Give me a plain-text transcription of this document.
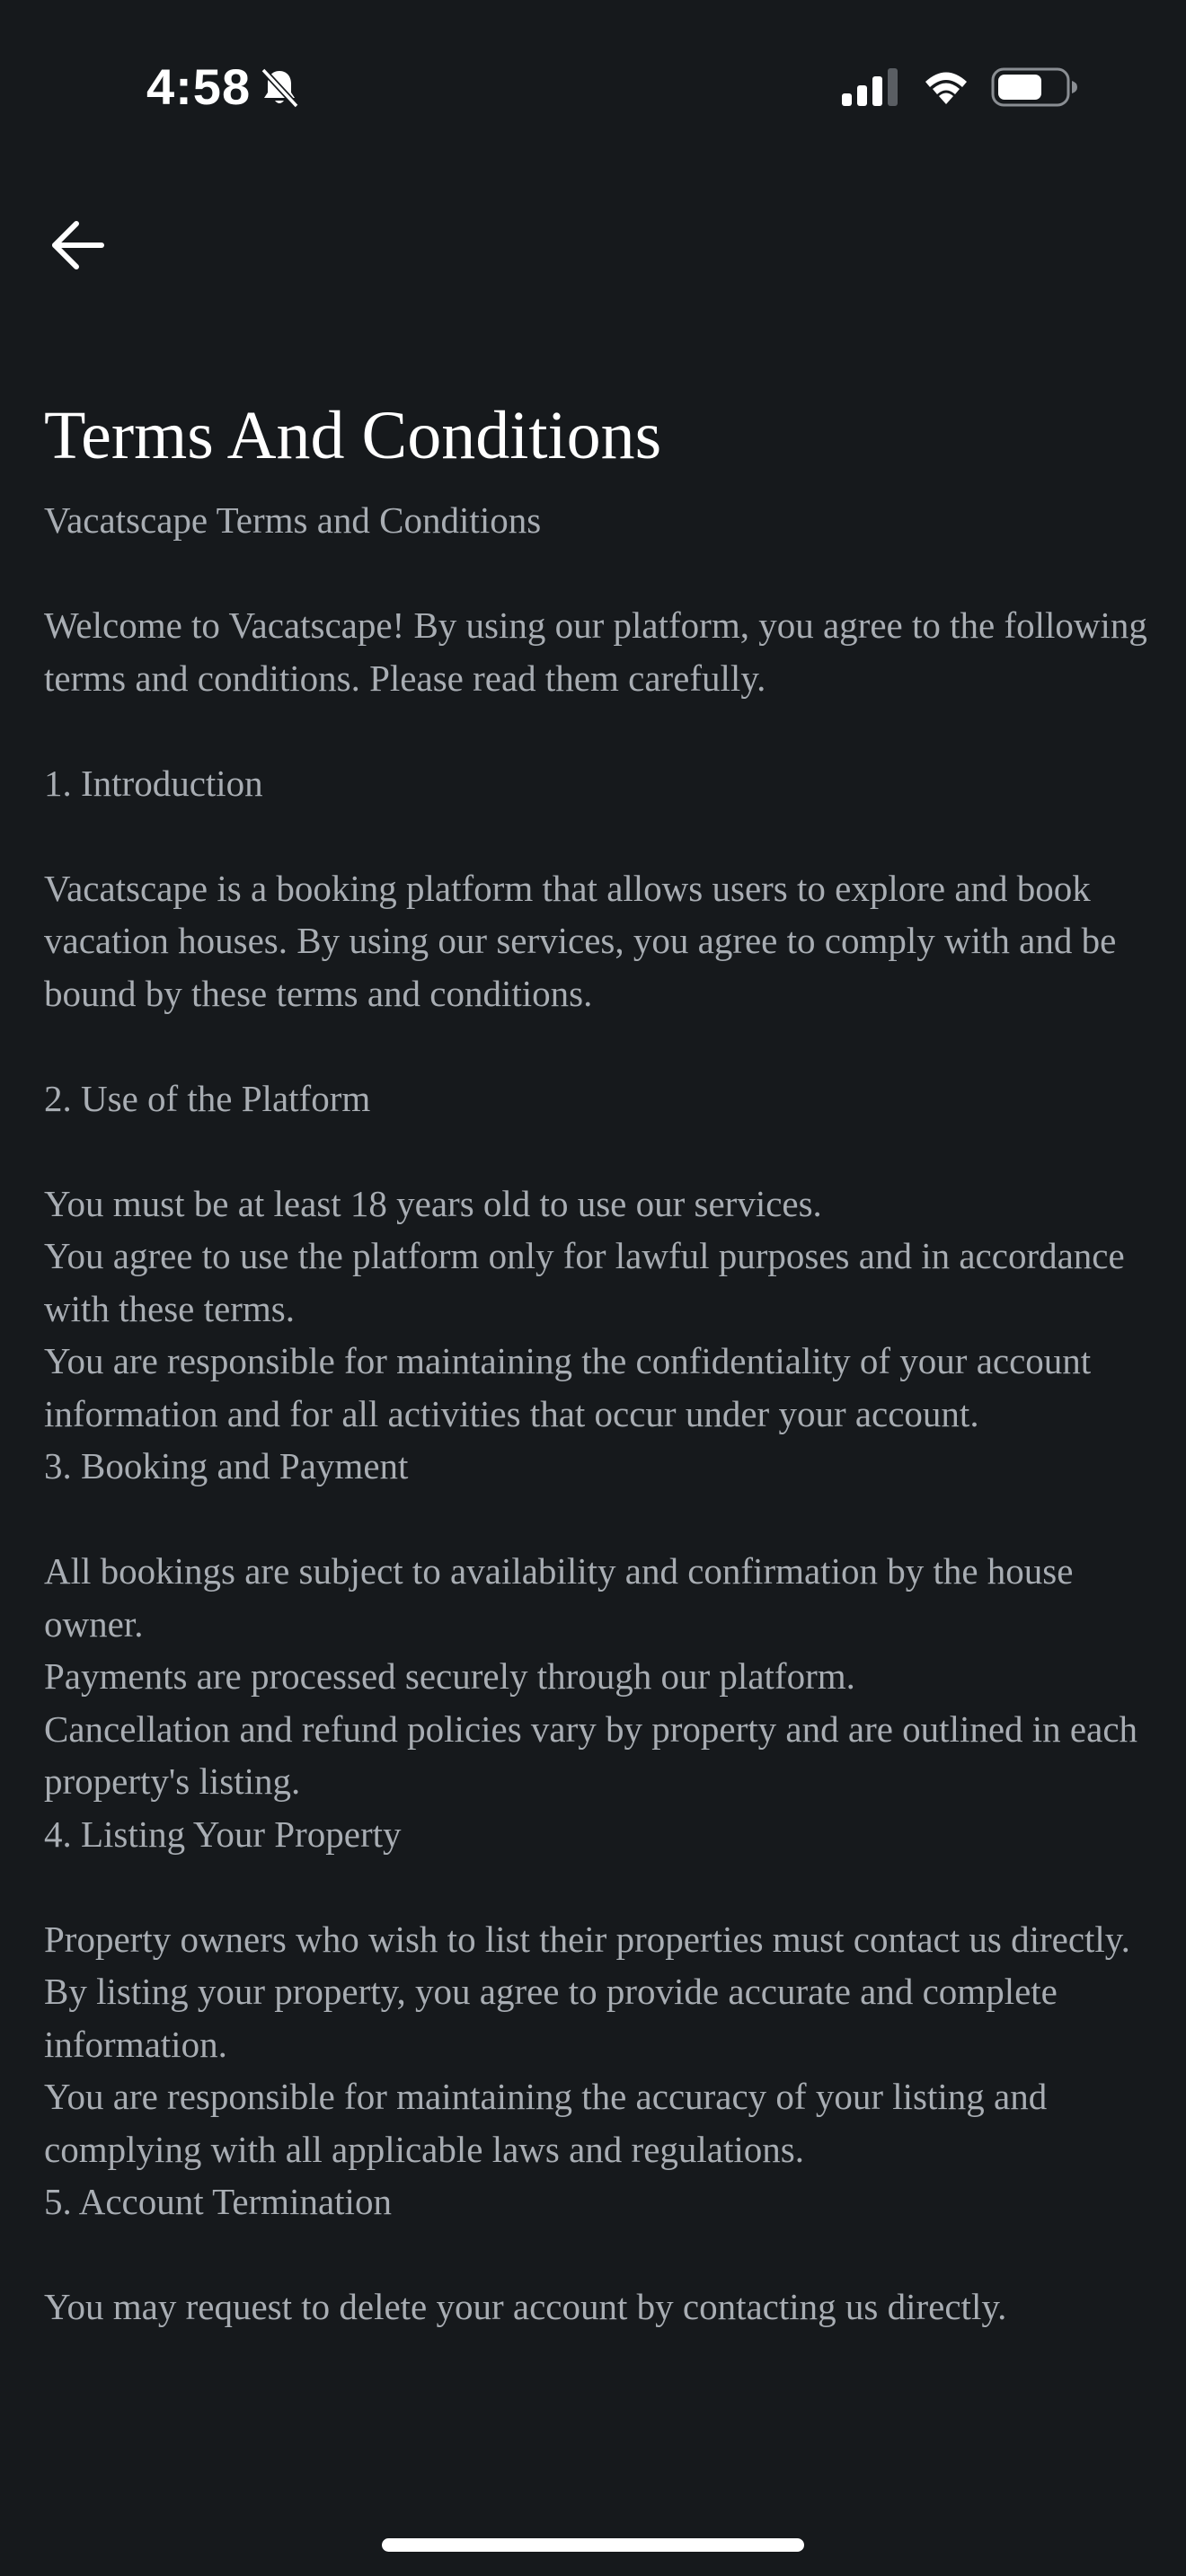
4:58
Terms And Conditions
Vacatscape Terms and Conditions
Welcome to Vacatscape! By using our platform, you agree to the following terms and conditions. Please read them carefully.
1. Introduction
Vacatscape is a booking platform that allows users to explore and book vacation houses. By using our services, you agree to comply with and be bound by these terms and conditions.
2. Use of the Platform
You must be at least 18 years old to use our services.
You agree to use the platform only for lawful purposes and in accordance with these terms.
You are responsible for maintaining the confidentiality of your account information and for all activities that occur under your account.
3. Booking and Payment
All bookings are subject to availability and confirmation by the house owner.
Payments are processed securely through our platform.
Cancellation and refund policies vary by property and are outlined in each property's listing.
4. Listing Your Property
Property owners who wish to list their properties must contact us directly.
By listing your property, you agree to provide accurate and complete information.
You are responsible for maintaining the accuracy of your listing and complying with all applicable laws and regulations.
5. Account Termination
You may request to delete your account by contacting us directly.
